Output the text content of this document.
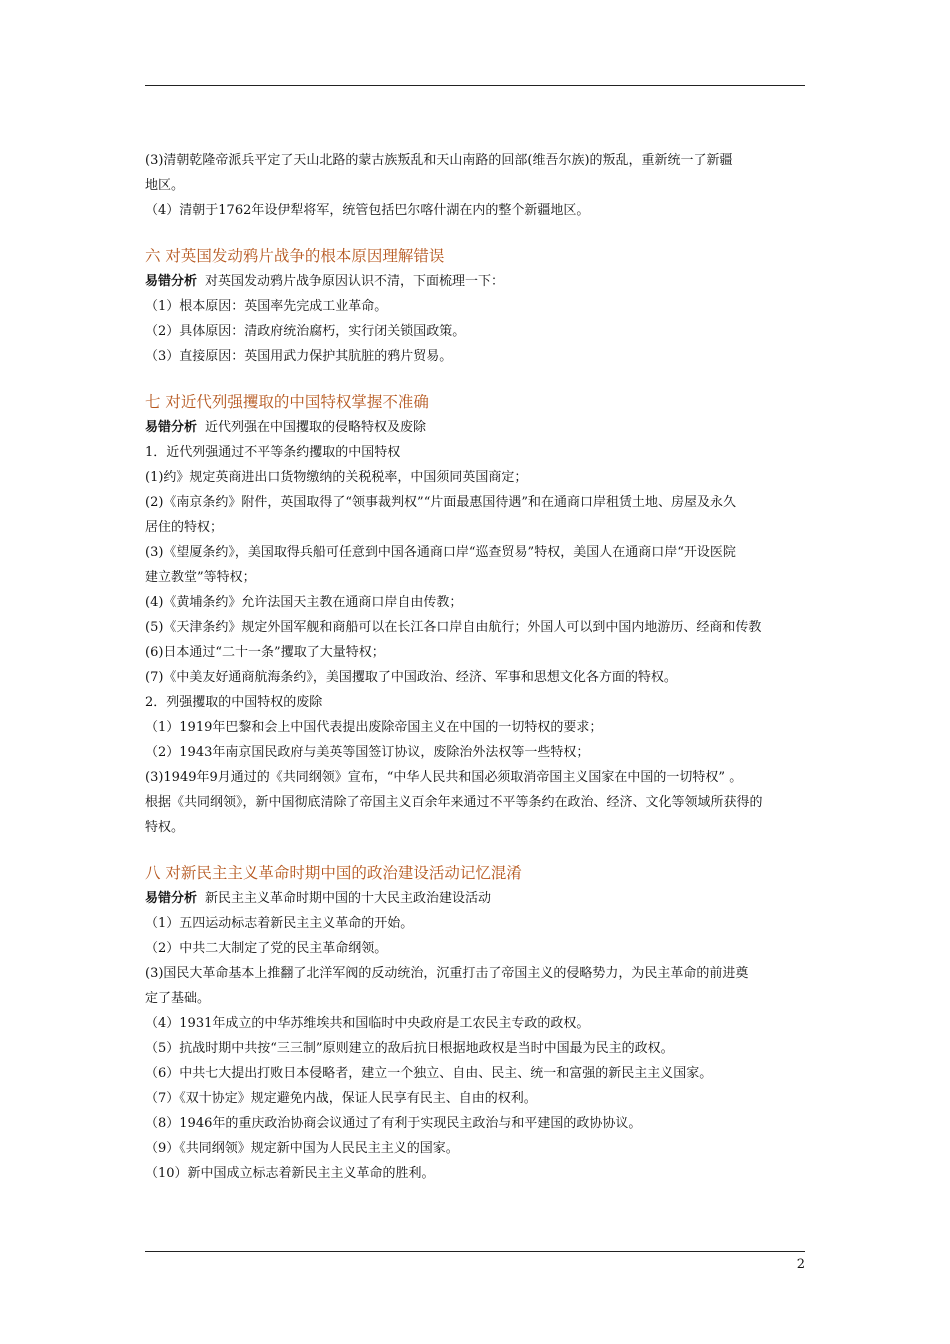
(3)清朝乾隆帝派兵平定了天山北路的蒙古族叛乱和天山南路的回部(维吾尔族)的叛乱，重新统一了新疆
地区。
（4）清朝于1762年设伊犁将军，统管包括巴尔喀什湖在内的整个新疆地区。
六 对英国发动鸦片战争的根本原因理解错误
易错分析 对英国发动鸦片战争原因认识不清，下面梳理一下：
（1）根本原因：英国率先完成工业革命。
（2）具体原因：清政府统治腐朽，实行闭关锁国政策。
（3）直接原因：英国用武力保护其肮脏的鸦片贸易。
七 对近代列强攫取的中国特权掌握不准确
易错分析 近代列强在中国攫取的侵略特权及废除
1．近代列强通过不平等条约攫取的中国特权
(1)约》规定英商进出口货物缴纳的关税税率，中国须同英国商定；
(2)《南京条约》附件，英国取得了“领事裁判权”“片面最惠国待遇”和在通商口岸租赁土地、房屋及永久
居住的特权；
(3)《望厦条约》，美国取得兵船可任意到中国各通商口岸“巡查贸易”特权，美国人在通商口岸“开设医院
建立教堂”等特权；
(4)《黄埔条约》允许法国天主教在通商口岸自由传教；
(5)《天津条约》规定外国军舰和商船可以在长江各口岸自由航行；外国人可以到中国内地游历、经商和传教
(6)日本通过“二十一条”攫取了大量特权；
(7)《中美友好通商航海条约》，美国攫取了中国政治、经济、军事和思想文化各方面的特权。
2．列强攫取的中国特权的废除
（1）1919年巴黎和会上中国代表提出废除帝国主义在中国的一切特权的要求；
（2）1943年南京国民政府与美英等国签订协议，废除治外法权等一些特权；
(3)1949年9月通过的《共同纲领》宣布，“中华人民共和国必须取消帝国主义国家在中国的一切特权” 。
根据《共同纲领》，新中国彻底清除了帝国主义百余年来通过不平等条约在政治、经济、文化等领域所获得的
特权。
八 对新民主主义革命时期中国的政治建设活动记忆混淆
易错分析 新民主主义革命时期中国的十大民主政治建设活动
（1）五四运动标志着新民主主义革命的开始。
（2）中共二大制定了党的民主革命纲领。
(3)国民大革命基本上推翻了北洋军阀的反动统治，沉重打击了帝国主义的侵略势力，为民主革命的前进奠
定了基础。
（4）1931年成立的中华苏维埃共和国临时中央政府是工农民主专政的政权。
（5）抗战时期中共按“三三制”原则建立的敌后抗日根据地政权是当时中国最为民主的政权。
（6）中共七大提出打败日本侵略者，建立一个独立、自由、民主、统一和富强的新民主主义国家。
（7）《双十协定》规定避免内战，保证人民享有民主、自由的权利。
（8）1946年的重庆政治协商会议通过了有利于实现民主政治与和平建国的政协协议。
（9）《共同纲领》规定新中国为人民民主主义的国家。
（10）新中国成立标志着新民主主义革命的胜利。
2
